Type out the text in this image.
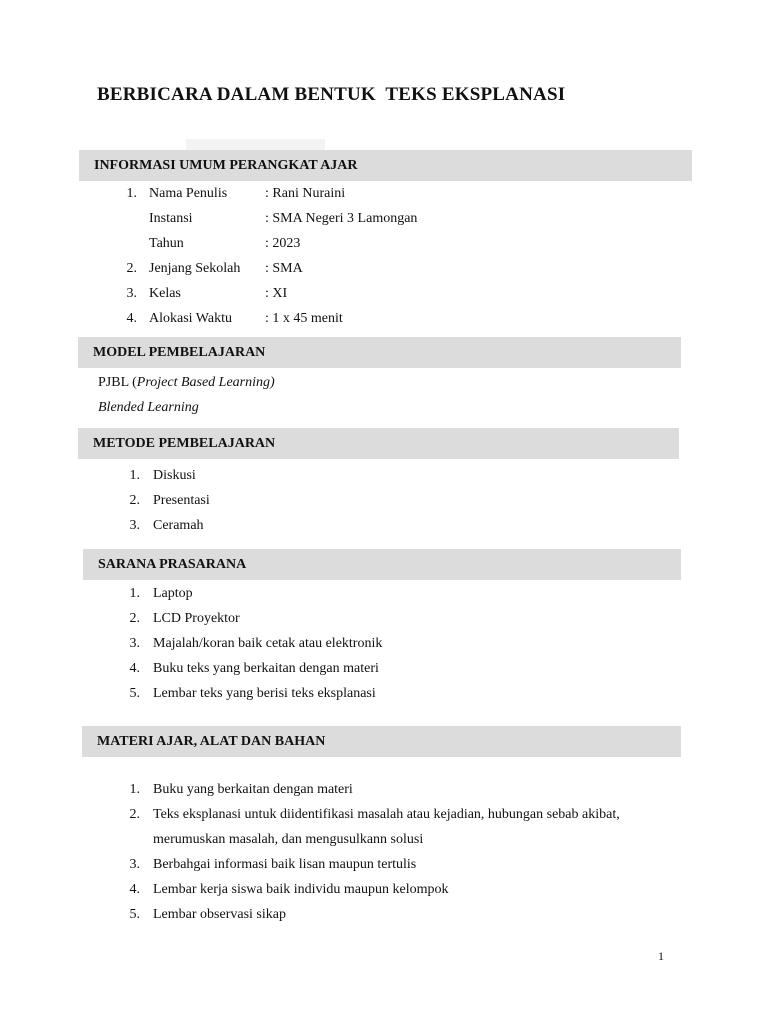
BERBICARA DALAM BENTUK  TEKS EKSPLANASI
INFORMASI UMUM PERANGKAT AJAR
1. Nama Penulis	: Rani Nuraini
Instansi	: SMA Negeri 3 Lamongan
Tahun	: 2023
2. Jenjang Sekolah : SMA
3. Kelas	: XI
4. Alokasi Waktu : 1 x 45 menit
MODEL PEMBELAJARAN
PJBL (Project Based Learning)
Blended Learning
METODE PEMBELAJARAN
1. Diskusi
2. Presentasi
3. Ceramah
SARANA PRASARANA
1. Laptop
2. LCD Proyektor
3. Majalah/koran baik cetak atau elektronik
4. Buku teks yang berkaitan dengan materi
5. Lembar teks yang berisi teks eksplanasi
MATERI AJAR, ALAT DAN BAHAN
1. Buku yang berkaitan dengan materi
2. Teks eksplanasi untuk diidentifikasi masalah atau kejadian, hubungan sebab akibat,
merumuskan masalah, dan mengusulkann solusi
3. Berbahgai informasi baik lisan maupun tertulis
4. Lembar kerja siswa baik individu maupun kelompok
5. Lembar observasi sikap
1
